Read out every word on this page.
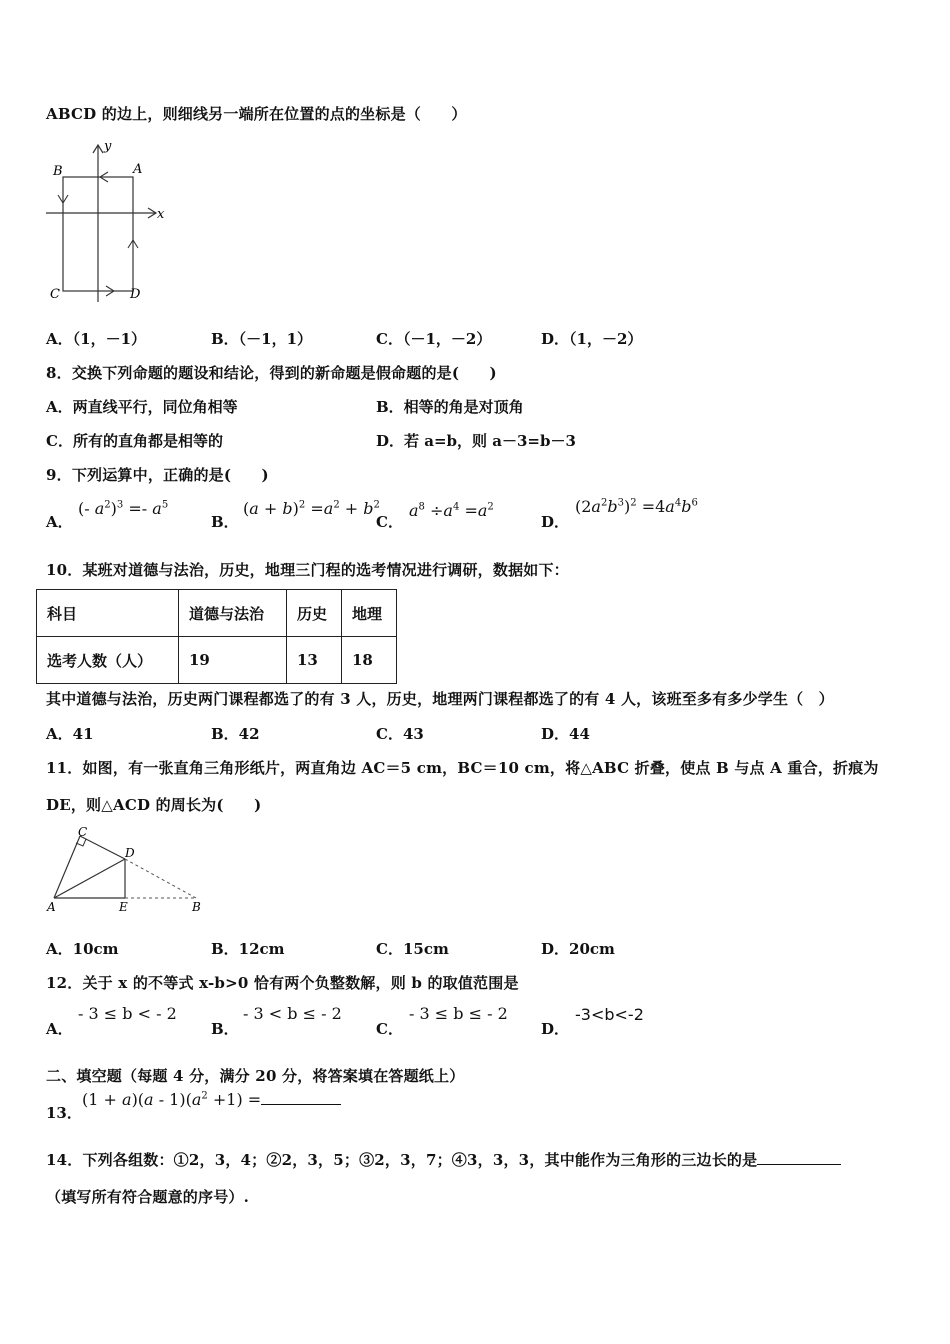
ABCD 的边上，则细线另一端所在位置的点的坐标是（　　）
B	A
C	D
x
y
A．（1，－1）	B．（－1，1）	C．（－1，－2）	D．（1，－2）
8．交换下列命题的题设和结论，得到的新命题是假命题的是(　　)
A．两直线平行，同位角相等	B．相等的角是对顶角
C．所有的直角都是相等的	D．若 a=b，则 a－3=b－3
9．下列运算中，正确的是(　　)
A．
(- $a^2)^3 =- a^5$
B．
$(a + b)^2 =a^2 + b^2$
C．
$a^8 \div a^4 =a^2$
D．
$(2a^2b^3)^2 =4a^4b^6$
10．某班对道德与法治，历史，地理三门程的选考情况进行调研，数据如下：
科目	道德与法治	历史	地理
选考人数（人）	19	13	18
其中道德与法治，历史两门课程都选了的有 3 人，历史，地理两门课程都选了的有 4 人，该班至多有多少学生（　）
A．41	B．42	C．43	D．44
11．如图，有一张直角三角形纸片，两直角边 AC＝5 cm，BC＝10 cm，将△ABC 折叠，使点 B 与点 A 重合，折痕为
DE，则△ACD 的周长为(　　)
C
D
A	E	B
A．10cm	B．12cm	C．15cm	D．20cm
12．关于 x 的不等式 x-b>0 恰有两个负整数解，则 b 的取值范围是
A．
- 3 ≤ b < - 2
B．
- 3 < b ≤ - 2
C．
- 3 ≤ b ≤ - 2
D．
-3<b<-2
二、填空题（每题 4 分，满分 20 分，将答案填在答题纸上）
13．
$(1 + a)(a - 1)(a^2 +1)$ =
14．下列各组数：①2，3，4；②2，3，5；③2，3，7；④3，3，3，其中能作为三角形的三边长的是
（填写所有符合题意的序号）.
